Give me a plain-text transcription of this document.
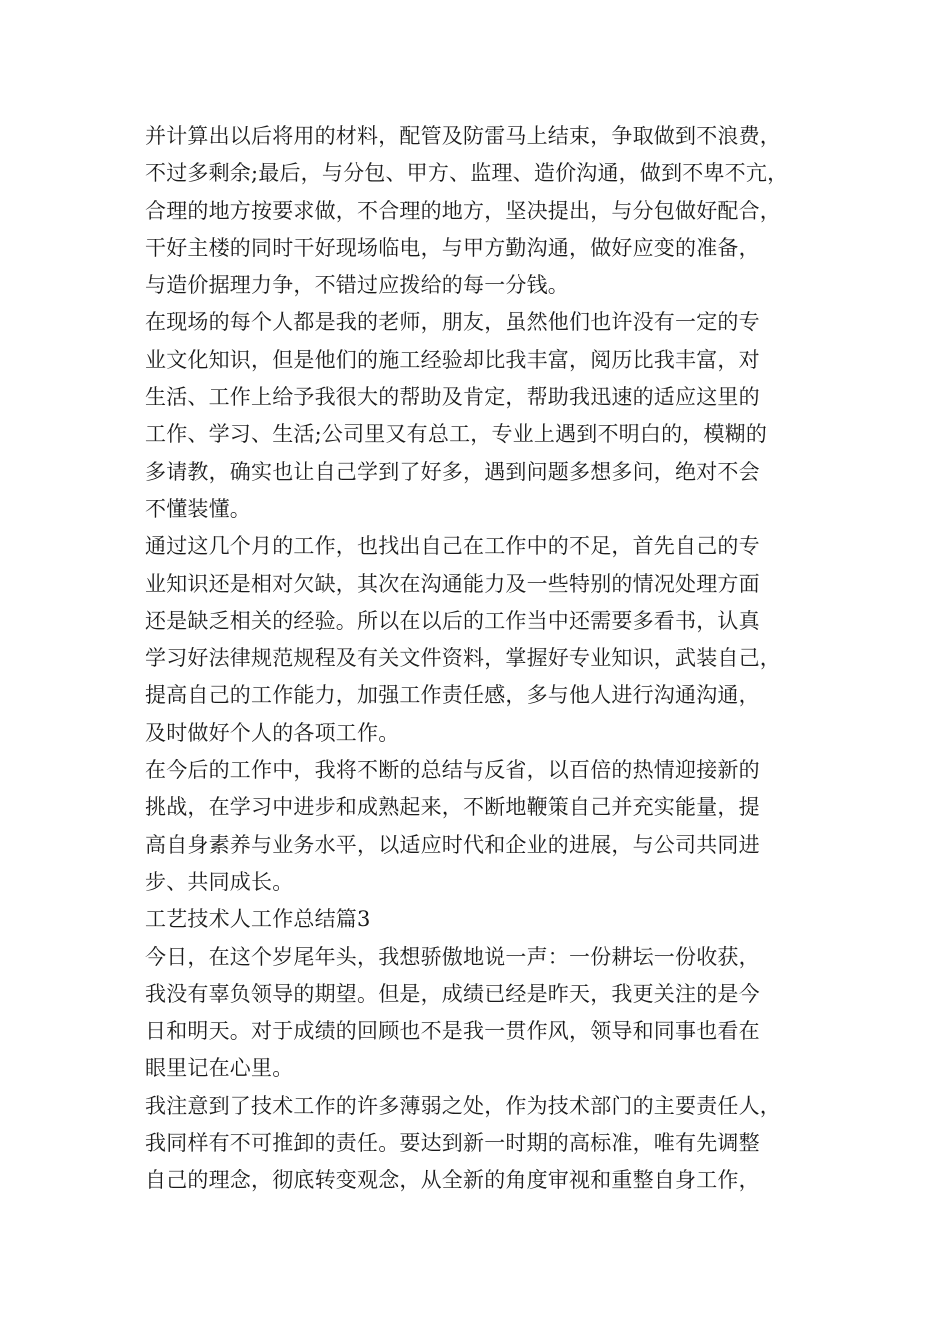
并计算出以后将用的材料，配管及防雷马上结束，争取做到不浪费，
不过多剩余;最后，与分包、甲方、监理、造价沟通，做到不卑不亢，
合理的地方按要求做，不合理的地方，坚决提出，与分包做好配合，
干好主楼的同时干好现场临电，与甲方勤沟通，做好应变的准备，
与造价据理力争，不错过应拨给的每一分钱。
在现场的每个人都是我的老师，朋友，虽然他们也许没有一定的专
业文化知识，但是他们的施工经验却比我丰富，阅历比我丰富，对
生活、工作上给予我很大的帮助及肯定，帮助我迅速的适应这里的
工作、学习、生活;公司里又有总工，专业上遇到不明白的，模糊的
多请教，确实也让自己学到了好多，遇到问题多想多问，绝对不会
不懂装懂。
通过这几个月的工作，也找出自己在工作中的不足，首先自己的专
业知识还是相对欠缺，其次在沟通能力及一些特别的情况处理方面
还是缺乏相关的经验。所以在以后的工作当中还需要多看书，认真
学习好法律规范规程及有关文件资料，掌握好专业知识，武装自己，
提高自己的工作能力，加强工作责任感，多与他人进行沟通沟通，
及时做好个人的各项工作。
在今后的工作中，我将不断的总结与反省，以百倍的热情迎接新的
挑战，在学习中进步和成熟起来，不断地鞭策自己并充实能量，提
高自身素养与业务水平，以适应时代和企业的进展，与公司共同进
步、共同成长。
工艺技术人工作总结篇3
今日，在这个岁尾年头，我想骄傲地说一声：一份耕坛一份收获，
我没有辜负领导的期望。但是，成绩已经是昨天，我更关注的是今
日和明天。对于成绩的回顾也不是我一贯作风，领导和同事也看在
眼里记在心里。
我注意到了技术工作的许多薄弱之处，作为技术部门的主要责任人，
我同样有不可推卸的责任。要达到新一时期的高标准，唯有先调整
自己的理念，彻底转变观念，从全新的角度审视和重整自身工作，
